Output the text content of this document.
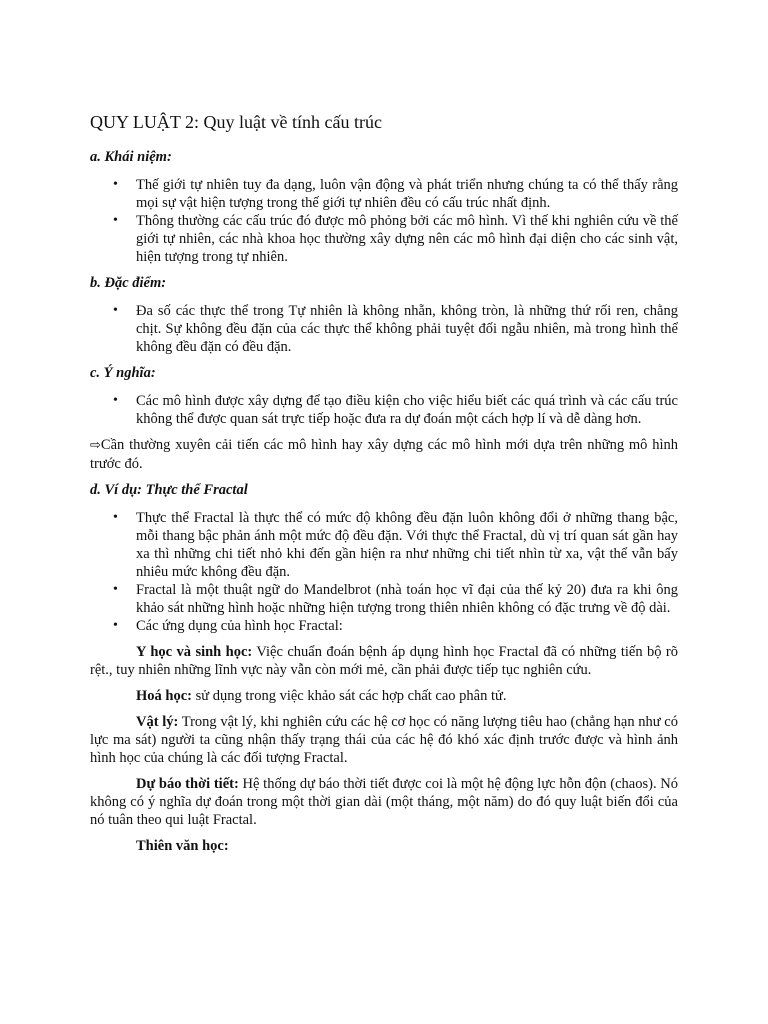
QUY LUẬT 2: Quy luật về tính cấu trúc
a. Khái niệm:
• Thế giới tự nhiên tuy đa dạng, luôn vận động và phát triển nhưng chúng ta có thể thấy rằng mọi sự vật hiện tượng trong thế giới tự nhiên đều có cấu trúc nhất định.
• Thông thường các cấu trúc đó được mô phỏng bởi các mô hình. Vì thế khi nghiên cứu về thế giới tự nhiên, các nhà khoa học thường xây dựng nên các mô hình đại diện cho các sinh vật, hiện tượng trong tự nhiên.
b. Đặc điểm:
• Đa số các thực thể trong Tự nhiên là không nhẵn, không tròn, là những thứ rối ren, chằng chịt. Sự không đều đặn của các thực thể không phải tuyệt đối ngẫu nhiên, mà trong hình thể không đều đặn có đều đặn.
c. Ý nghĩa:
• Các mô hình được xây dựng để tạo điều kiện cho việc hiểu biết các quá trình và các cấu trúc không thể được quan sát trực tiếp hoặc đưa ra dự đoán một cách hợp lí và dễ dàng hơn.

⇨Cần thường xuyên cải tiến các mô hình hay xây dựng các mô hình mới dựa trên những mô hình trước đó.

d. Ví dụ: Thực thể Fractal
• Thực thể Fractal là thực thể có mức độ không đều đặn luôn không đổi ở những thang bậc, mỗi thang bậc phản ánh một mức độ đều đặn. Với thực thể Fractal, dù vị trí quan sát gần hay xa thì những chi tiết nhỏ khi đến gần hiện ra như những chi tiết nhìn từ xa, vật thể vẫn bấy nhiêu mức không đều đặn.
• Fractal là một thuật ngữ do Mandelbrot (nhà toán học vĩ đại của thế kỷ 20) đưa ra khi ông khảo sát những hình hoặc những hiện tượng trong thiên nhiên không có đặc trưng về độ dài.
• Các ứng dụng của hình học Fractal:

Y học và sinh học: Việc chuẩn đoán bệnh áp dụng hình học Fractal đã có những tiến bộ rõ rệt., tuy nhiên những lĩnh vực này vẫn còn mới mẻ, cần phải được tiếp tục nghiên cứu.

Hoá học: sử dụng trong việc khảo sát các hợp chất cao phân tử.

Vật lý: Trong vật lý, khi nghiên cứu các hệ cơ học có năng lượng tiêu hao (chẳng hạn như có lực ma sát) người ta cũng nhận thấy trạng thái của các hệ đó khó xác định trước được và hình ảnh hình học của chúng là các đối tượng Fractal.

Dự báo thời tiết: Hệ thống dự báo thời tiết được coi là một hệ động lực hỗn độn (chaos). Nó không có ý nghĩa dự đoán trong một thời gian dài (một tháng, một năm) do đó quy luật biến đổi của nó tuân theo qui luật Fractal.

Thiên văn học:
